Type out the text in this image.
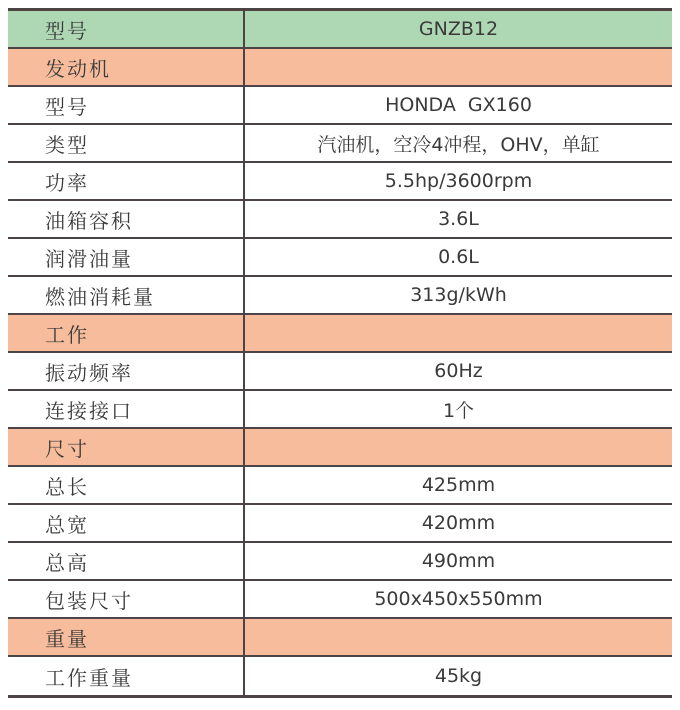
型号	GNZB12
发动机
型号	HONDA  GX160
类型	汽油机，空冷4冲程，OHV，单缸
功率	5.5hp/3600rpm
油箱容积	3.6L
润滑油量	0.6L
燃油消耗量	313g/kWh
工作
振动频率	60Hz
连接接口	1个
尺寸
总长	425mm
总宽	420mm
总高	490mm
包装尺寸	500x450x550mm
重量
工作重量	45kg
